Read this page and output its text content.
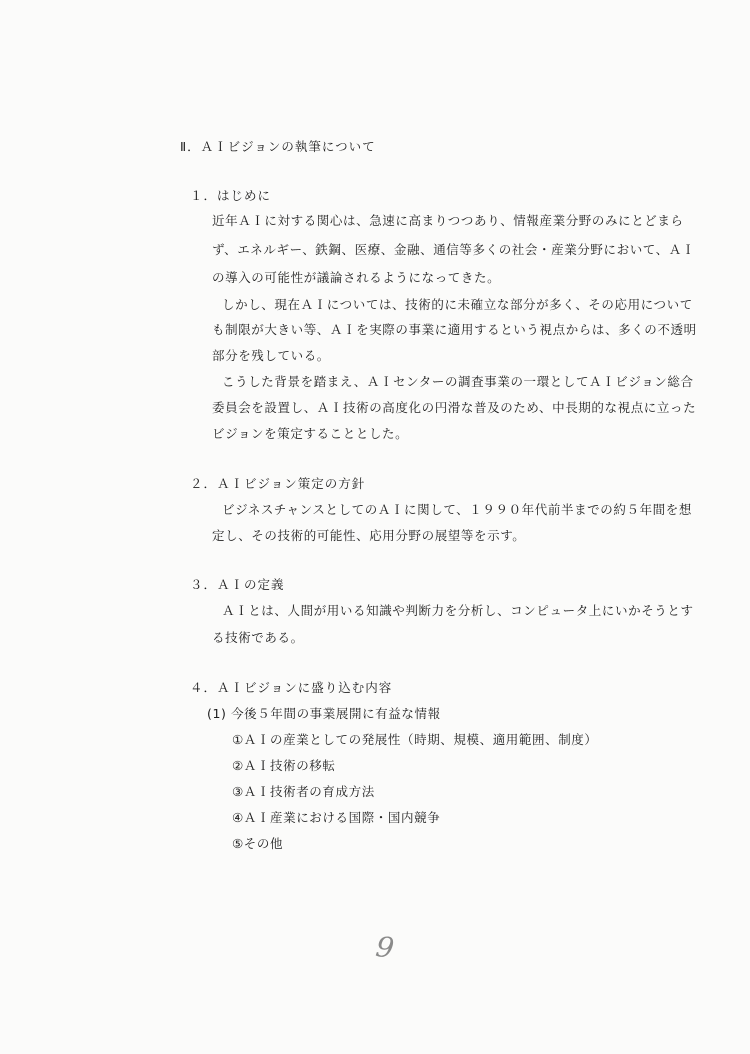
Ⅱ．ＡＩビジョンの執筆について
１．はじめに
近年ＡＩに対する関心は、急速に高まりつつあり、情報産業分野のみにとどまら
ず、エネルギー、鉄鋼、医療、金融、通信等多くの社会・産業分野において、ＡＩ
の導入の可能性が議論されるようになってきた。
しかし、現在ＡＩについては、技術的に未確立な部分が多く、その応用について
も制限が大きい等、ＡＩを実際の事業に適用するという視点からは、多くの不透明
部分を残している。
こうした背景を踏まえ、ＡＩセンターの調査事業の一環としてＡＩビジョン総合
委員会を設置し、ＡＩ技術の高度化の円滑な普及のため、中長期的な視点に立った
ビジョンを策定することとした。
２．ＡＩビジョン策定の方針
ビジネスチャンスとしてのＡＩに関して、１９９０年代前半までの約５年間を想
定し、その技術的可能性、応用分野の展望等を示す。
３．ＡＩの定義
ＡＩとは、人間が用いる知識や判断力を分析し、コンピュータ上にいかそうとす
る技術である。
４．ＡＩビジョンに盛り込む内容
(1) 今後５年間の事業展開に有益な情報
①ＡＩの産業としての発展性（時期、規模、適用範囲、制度）
②ＡＩ技術の移転
③ＡＩ技術者の育成方法
④ＡＩ産業における国際・国内競争
⑤その他
9
